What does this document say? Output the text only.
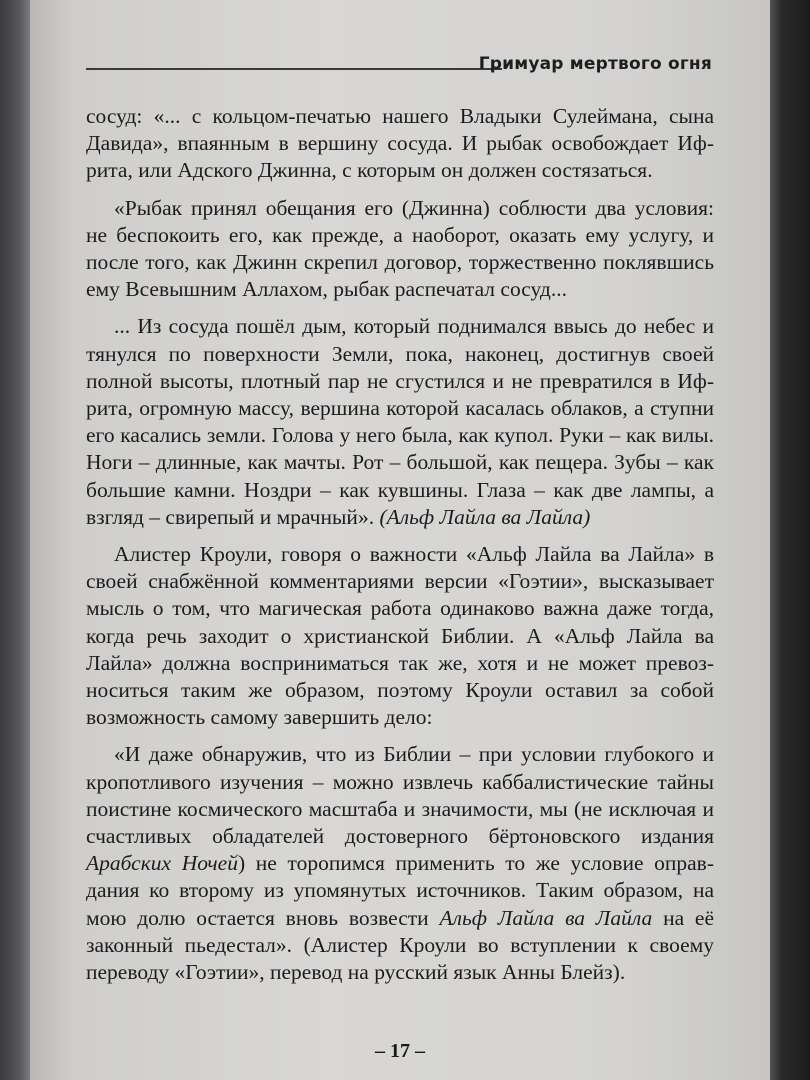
Гримуар мертвого огня

сосуд: «... с кольцом-печатью нашего Владыки Сулеймана, сына Давида», впаянным в вершину сосуда. И рыбак освобождает Ифрита, или Адского Джинна, с которым он должен состязаться.

«Рыбак принял обещания его (Джинна) соблюсти два условия: не беспокоить его, как прежде, а наоборот, оказать ему услугу, и после того, как Джинн скрепил договор, торжественно поклявшись ему Всевышним Аллахом, рыбак распечатал сосуд...

... Из сосуда пошёл дым, который поднимался ввысь до небес и тянулся по поверхности Земли, пока, наконец, достигнув своей полной высоты, плотный пар не сгустился и не превратился в Ифрита, огромную массу, вершина которой касалась облаков, а ступни его касались земли. Голова у него была, как купол. Руки – как вилы. Ноги – длинные, как мачты. Рот – большой, как пещера. Зубы – как большие камни. Ноздри – как кувшины. Глаза – как две лампы, а взгляд – свирепый и мрачный». (Альф Лайла ва Лайла)

Алистер Кроули, говоря о важности «Альф Лайла ва Лайла» в своей снабжённой комментариями версии «Гоэтии», высказывает мысль о том, что магическая работа одинаково важна даже тогда, когда речь заходит о христианской Библии. А «Альф Лайла ва Лайла» должна восприниматься так же, хотя и не может превозноситься таким же образом, поэтому Кроули оставил за собой возможность самому завершить дело:

«И даже обнаружив, что из Библии – при условии глубокого и кропотливого изучения – можно извлечь каббалистические тайны поистине космического масштаба и значимости, мы (не исключая и счастливых обладателей достоверного бёртоновского издания Арабских Ночей) не торопимся применить то же условие оправдания ко второму из упомянутых источников. Таким образом, на мою долю остается вновь возвести Альф Лайла ва Лайла на её законный пьедестал». (Алистер Кроули во вступлении к своему переводу «Гоэтии», перевод на русский язык Анны Блейз).

– 17 –
